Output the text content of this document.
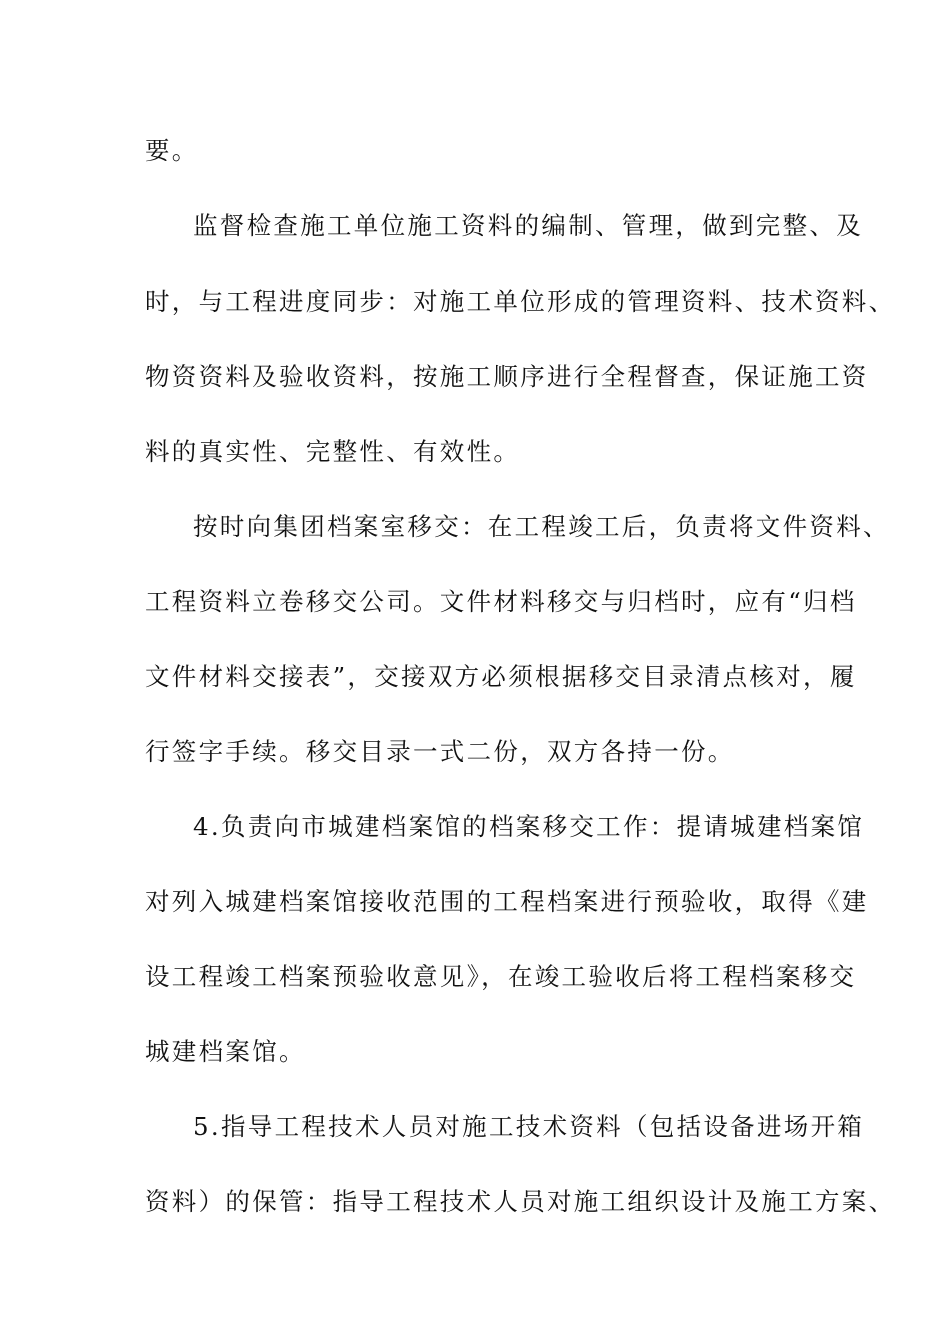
要。
监督检查施工单位施工资料的编制、管理，做到完整、及
时，与工程进度同步：对施工单位形成的管理资料、技术资料、
物资资料及验收资料，按施工顺序进行全程督查，保证施工资
料的真实性、完整性、有效性。
按时向集团档案室移交：在工程竣工后，负责将文件资料、
工程资料立卷移交公司。文件材料移交与归档时，应有“归档
文件材料交接表”，交接双方必须根据移交目录清点核对，履
行签字手续。移交目录一式二份，双方各持一份。
4.负责向市城建档案馆的档案移交工作：提请城建档案馆
对列入城建档案馆接收范围的工程档案进行预验收，取得《建
设工程竣工档案预验收意见》，在竣工验收后将工程档案移交
城建档案馆。
5.指导工程技术人员对施工技术资料（包括设备进场开箱
资料）的保管：指导工程技术人员对施工组织设计及施工方案、
